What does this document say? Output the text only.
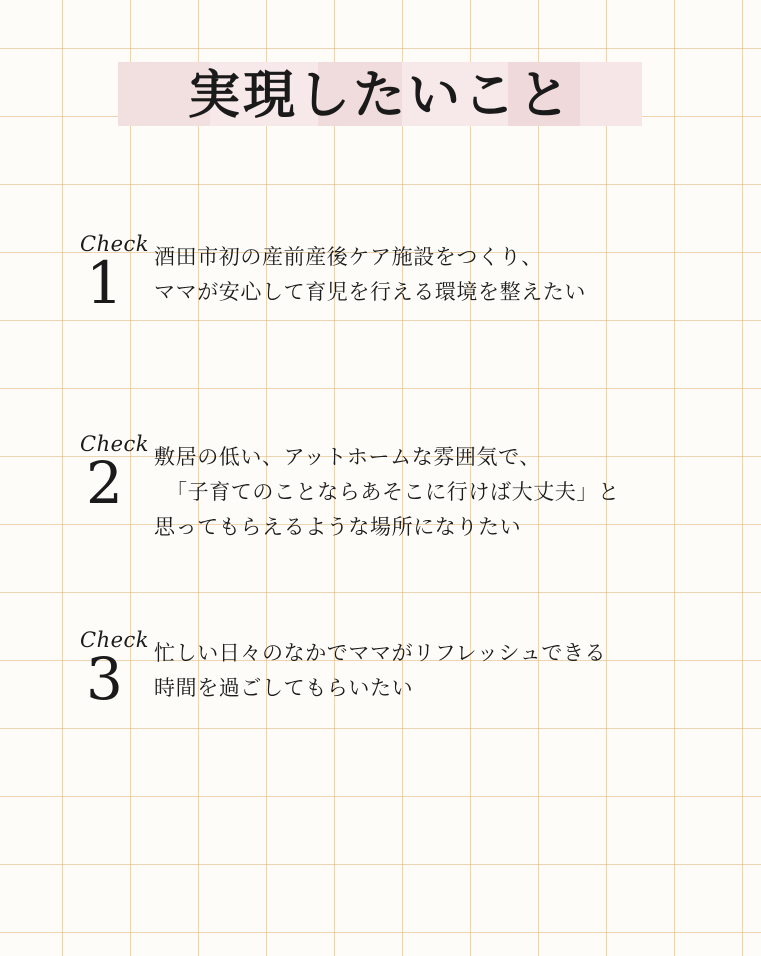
実現したいこと
Check
1	酒田市初の産前産後ケア施設をつくり、
ママが安心して育児を行える環境を整えたい
Check
2	敷居の低い、アットホームな雰囲気で、
「子育てのことならあそこに行けば大丈夫」と
思ってもらえるような場所になりたい
Check
3	忙しい日々のなかでママがリフレッシュできる
時間を過ごしてもらいたい
